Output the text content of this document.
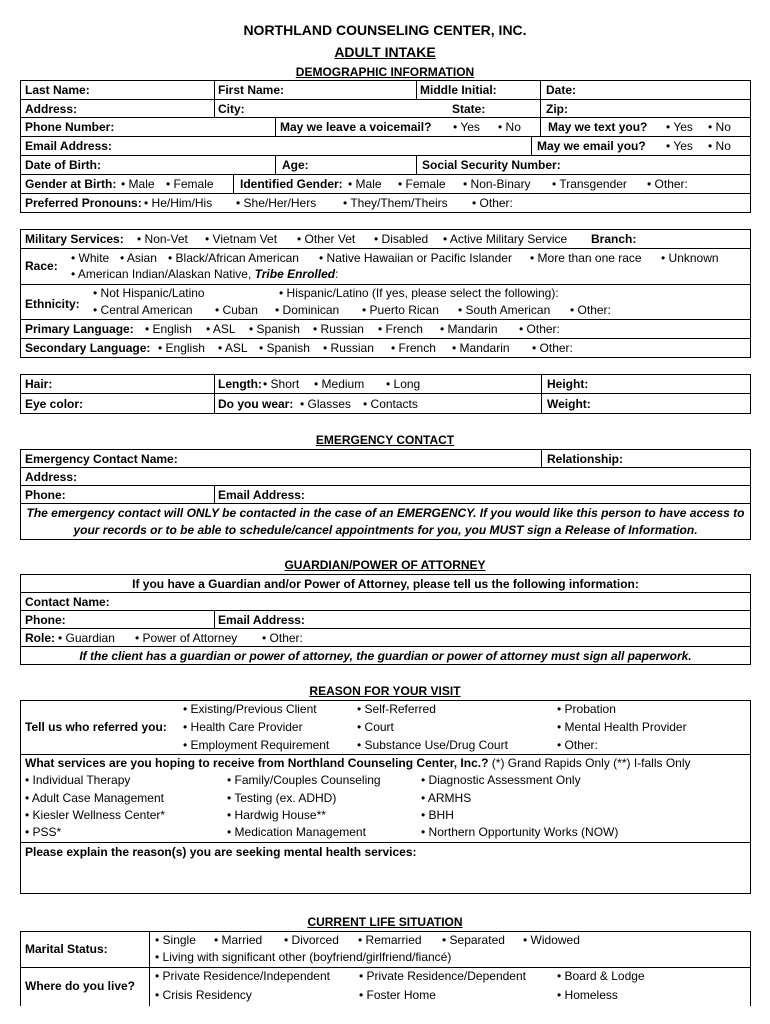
NORTHLAND COUNSELING CENTER, INC.
ADULT INTAKE
DEMOGRAPHIC INFORMATION
Last Name:	First Name:	Middle Initial:	Date:
Address:	City:	State:	Zip:
Phone Number:	May we leave a voicemail? • Yes • No May we text you? • Yes • No
Email Address:	May we email you? • Yes • No
Date of Birth:	Age:	Social Security Number:
Gender at Birth: • Male • Female Identified Gender: • Male • Female • Non-Binary • Transgender • Other:
Preferred Pronouns: • He/Him/His • She/Her/Hers • They/Them/Theirs • Other:
Military Services: • Non-Vet • Vietnam Vet • Other Vet • Disabled • Active Military Service Branch:
Race:
• White • Asian • Black/African American • Native Hawaiian or Pacific Islander • More than one race • Unknown
• American Indian/Alaskan Native, Tribe Enrolled:
Ethnicity:
• Not Hispanic/Latino	• Hispanic/Latino (If yes, please select the following):
• Central American • Cuban • Dominican • Puerto Rican • South American • Other:
Primary Language: • English • ASL • Spanish • Russian • French • Mandarin • Other:
Secondary Language: • English • ASL • Spanish • Russian • French • Mandarin • Other:
Hair:	Length: • Short • Medium • Long	Height:
Eye color:	Do you wear: • Glasses • Contacts	Weight:
EMERGENCY CONTACT
Emergency Contact Name:	Relationship:
Address:
Phone:	Email Address:
The emergency contact will ONLY be contacted in the case of an EMERGENCY. If you would like this person to have access to
your records or to be able to schedule/cancel appointments for you, you MUST sign a Release of Information.
GUARDIAN/POWER OF ATTORNEY
If you have a Guardian and/or Power of Attorney, please tell us the following information:
Contact Name:
Phone:	Email Address:
Role: • Guardian • Power of Attorney • Other:
If the client has a guardian or power of attorney, the guardian or power of attorney must sign all paperwork.
REASON FOR YOUR VISIT
Tell us who referred you:
• Existing/Previous Client
• Health Care Provider
• Employment Requirement
• Self-Referred
• Court
• Substance Use/Drug Court
• Probation
• Mental Health Provider
• Other:
What services are you hoping to receive from Northland Counseling Center, Inc.? (*) Grand Rapids Only (**) I-falls Only
• Individual Therapy
• Adult Case Management
• Kiesler Wellness Center*
• PSS*
• Family/Couples Counseling
• Testing (ex. ADHD)
• Hardwig House**
• Medication Management
• Diagnostic Assessment Only
• ARMHS
• BHH
• Northern Opportunity Works (NOW)
Please explain the reason(s) you are seeking mental health services:
CURRENT LIFE SITUATION
Marital Status:
• Single • Married • Divorced • Remarried • Separated • Widowed
• Living with significant other (boyfriend/girlfriend/fiancé)
Where do you live?
• Private Residence/Independent
• Crisis Residency
• Private Residence/Dependent
• Foster Home
• Board & Lodge
• Homeless
